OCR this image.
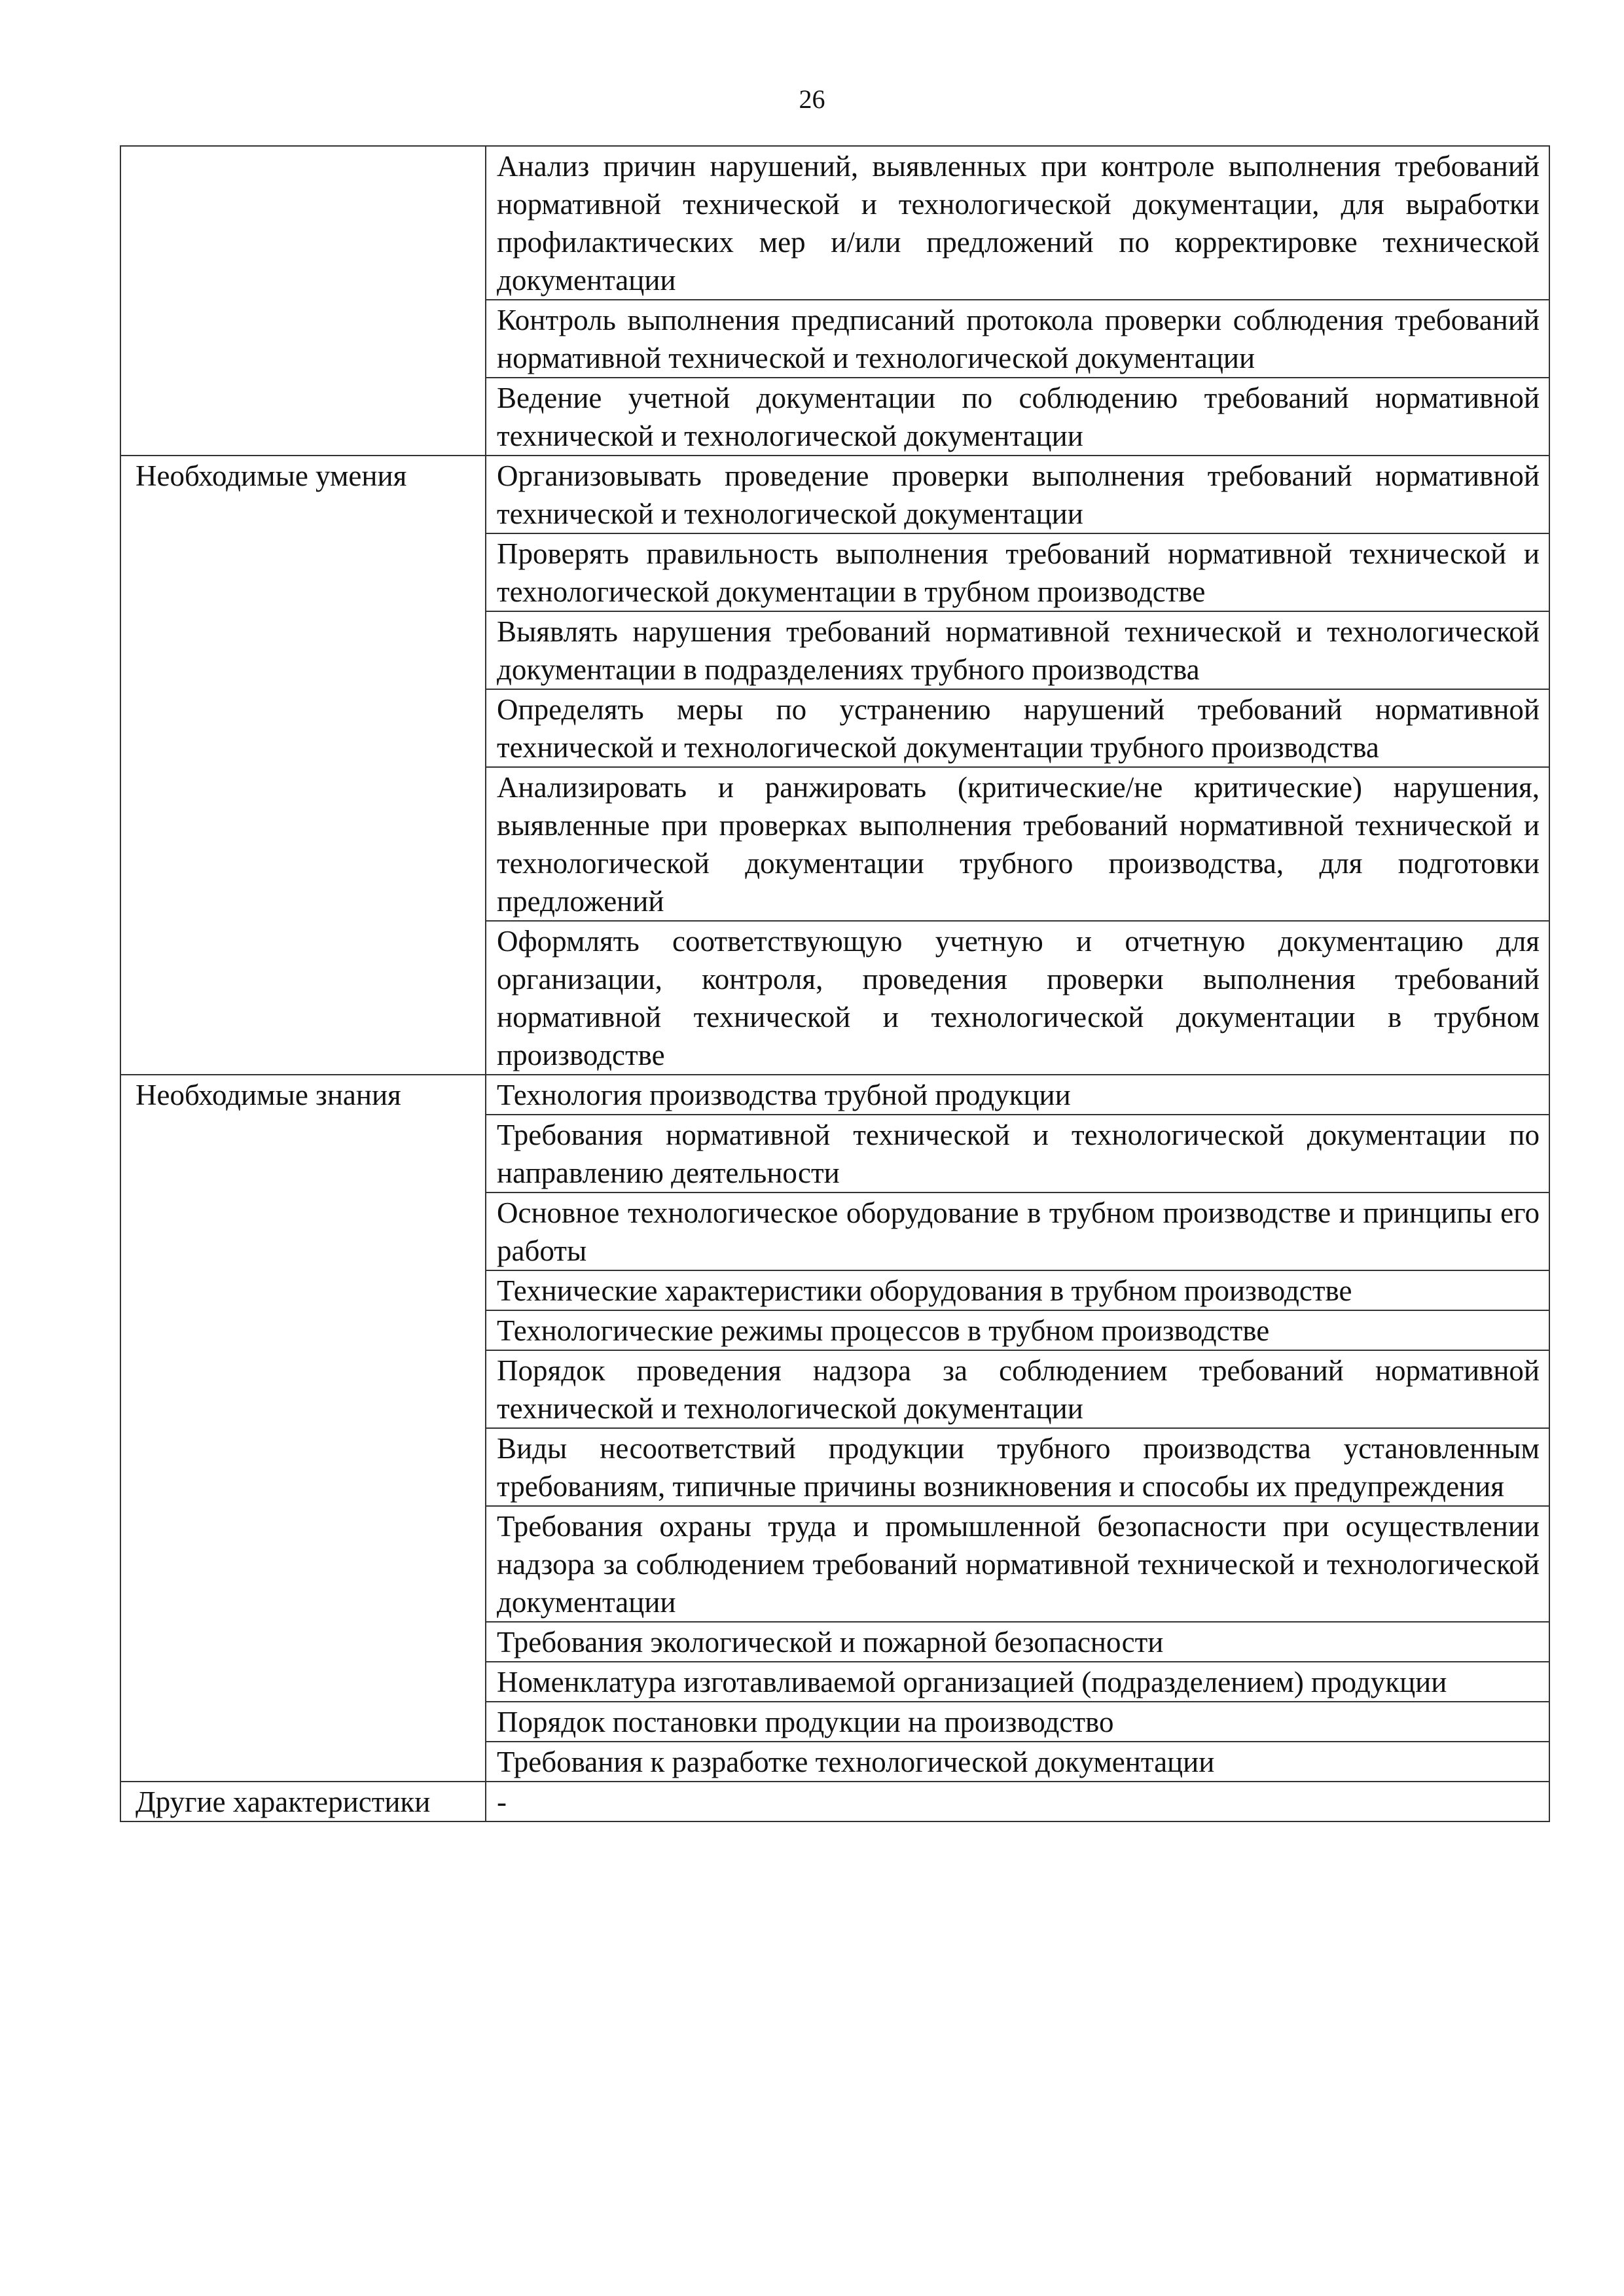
26
	Анализ причин нарушений, выявленных при контроле выполнения требований нормативной технической и технологической документации, для выработки профилактических мер и/или предложений по корректировке технической документации
	Контроль выполнения предписаний протокола проверки соблюдения требований нормативной технической и технологической документации
	Ведение учетной документации по соблюдению требований нормативной технической и технологической документации
Необходимые умения	Организовывать проведение проверки выполнения требований нормативной технической и технологической документации
	Проверять правильность выполнения требований нормативной технической и технологической документации в трубном производстве
	Выявлять нарушения требований нормативной технической и технологической документации в подразделениях трубного производства
	Определять меры по устранению нарушений требований нормативной технической и технологической документации трубного производства
	Анализировать и ранжировать (критические/не критические) нарушения, выявленные при проверках выполнения требований нормативной технической и технологической документации трубного производства, для подготовки предложений
	Оформлять соответствующую учетную и отчетную документацию для организации, контроля, проведения проверки выполнения требований нормативной технической и технологической документации в трубном производстве
Необходимые знания	Технология производства трубной продукции
	Требования нормативной технической и технологической документации по направлению деятельности
	Основное технологическое оборудование в трубном производстве и принципы его работы
	Технические характеристики оборудования в трубном производстве
	Технологические режимы процессов в трубном производстве
	Порядок проведения надзора за соблюдением требований нормативной технической и технологической документации
	Виды несоответствий продукции трубного производства установленным требованиям, типичные причины возникновения и способы их предупреждения
	Требования охраны труда и промышленной безопасности при осуществлении надзора за соблюдением требований нормативной технической и технологической документации
	Требования экологической и пожарной безопасности
	Номенклатура изготавливаемой организацией (подразделением) продукции
	Порядок постановки продукции на производство
	Требования к разработке технологической документации
Другие характеристики	-
